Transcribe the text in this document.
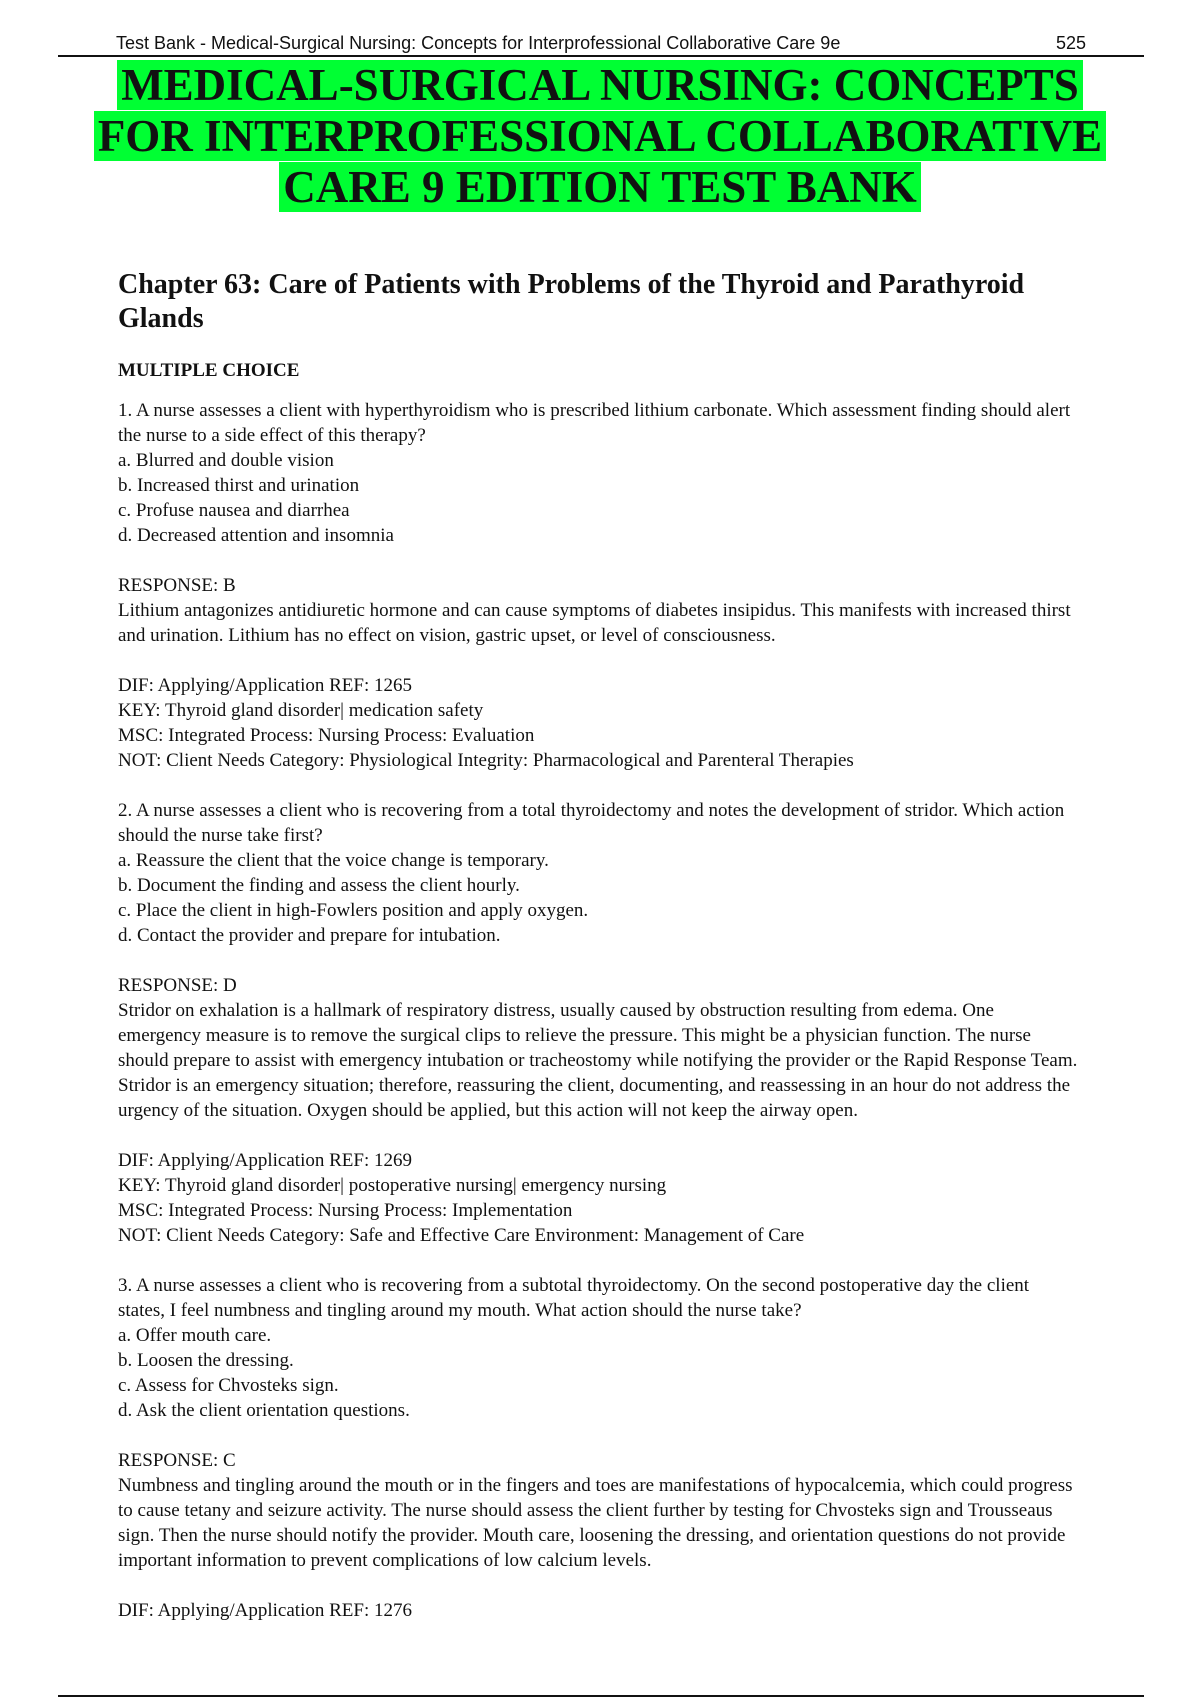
Test Bank - Medical-Surgical Nursing: Concepts for Interprofessional Collaborative Care 9e	525
MEDICAL-SURGICAL NURSING: CONCEPTS
FOR INTERPROFESSIONAL COLLABORATIVE
CARE 9 EDITION TEST BANK
Chapter 63: Care of Patients with Problems of the Thyroid and Parathyroid Glands
MULTIPLE CHOICE

1. A nurse assesses a client with hyperthyroidism who is prescribed lithium carbonate. Which assessment finding should alert the nurse to a side effect of this therapy?

a. Blurred and double vision
b. Increased thirst and urination
c. Profuse nausea and diarrhea
d. Decreased attention and insomnia
RESPONSE: B
Lithium antagonizes antidiuretic hormone and can cause symptoms of diabetes insipidus. This manifests with increased thirst and urination. Lithium has no effect on vision, gastric upset, or level of consciousness.
DIF: Applying/Application REF: 1265
KEY: Thyroid gland disorder| medication safety
MSC: Integrated Process: Nursing Process: Evaluation
NOT: Client Needs Category: Physiological Integrity: Pharmacological and Parenteral Therapies

2. A nurse assesses a client who is recovering from a total thyroidectomy and notes the development of stridor. Which action should the nurse take first?

a. Reassure the client that the voice change is temporary.
b. Document the finding and assess the client hourly.
c. Place the client in high-Fowlers position and apply oxygen.
d. Contact the provider and prepare for intubation.
RESPONSE: D
Stridor on exhalation is a hallmark of respiratory distress, usually caused by obstruction resulting from edema. One emergency measure is to remove the surgical clips to relieve the pressure. This might be a physician function. The nurse should prepare to assist with emergency intubation or tracheostomy while notifying the provider or the Rapid Response Team. Stridor is an emergency situation; therefore, reassuring the client, documenting, and reassessing in an hour do not address the urgency of the situation. Oxygen should be applied, but this action will not keep the airway open.
DIF: Applying/Application REF: 1269
KEY: Thyroid gland disorder| postoperative nursing| emergency nursing
MSC: Integrated Process: Nursing Process: Implementation
NOT: Client Needs Category: Safe and Effective Care Environment: Management of Care

3. A nurse assesses a client who is recovering from a subtotal thyroidectomy. On the second postoperative day the client states, I feel numbness and tingling around my mouth. What action should the nurse take?

a. Offer mouth care.
b. Loosen the dressing.
c. Assess for Chvosteks sign.
d. Ask the client orientation questions.
RESPONSE: C
Numbness and tingling around the mouth or in the fingers and toes are manifestations of hypocalcemia, which could progress to cause tetany and seizure activity. The nurse should assess the client further by testing for Chvosteks sign and Trousseaus sign. Then the nurse should notify the provider. Mouth care, loosening the dressing, and orientation questions do not provide important information to prevent complications of low calcium levels.
DIF: Applying/Application REF: 1276
